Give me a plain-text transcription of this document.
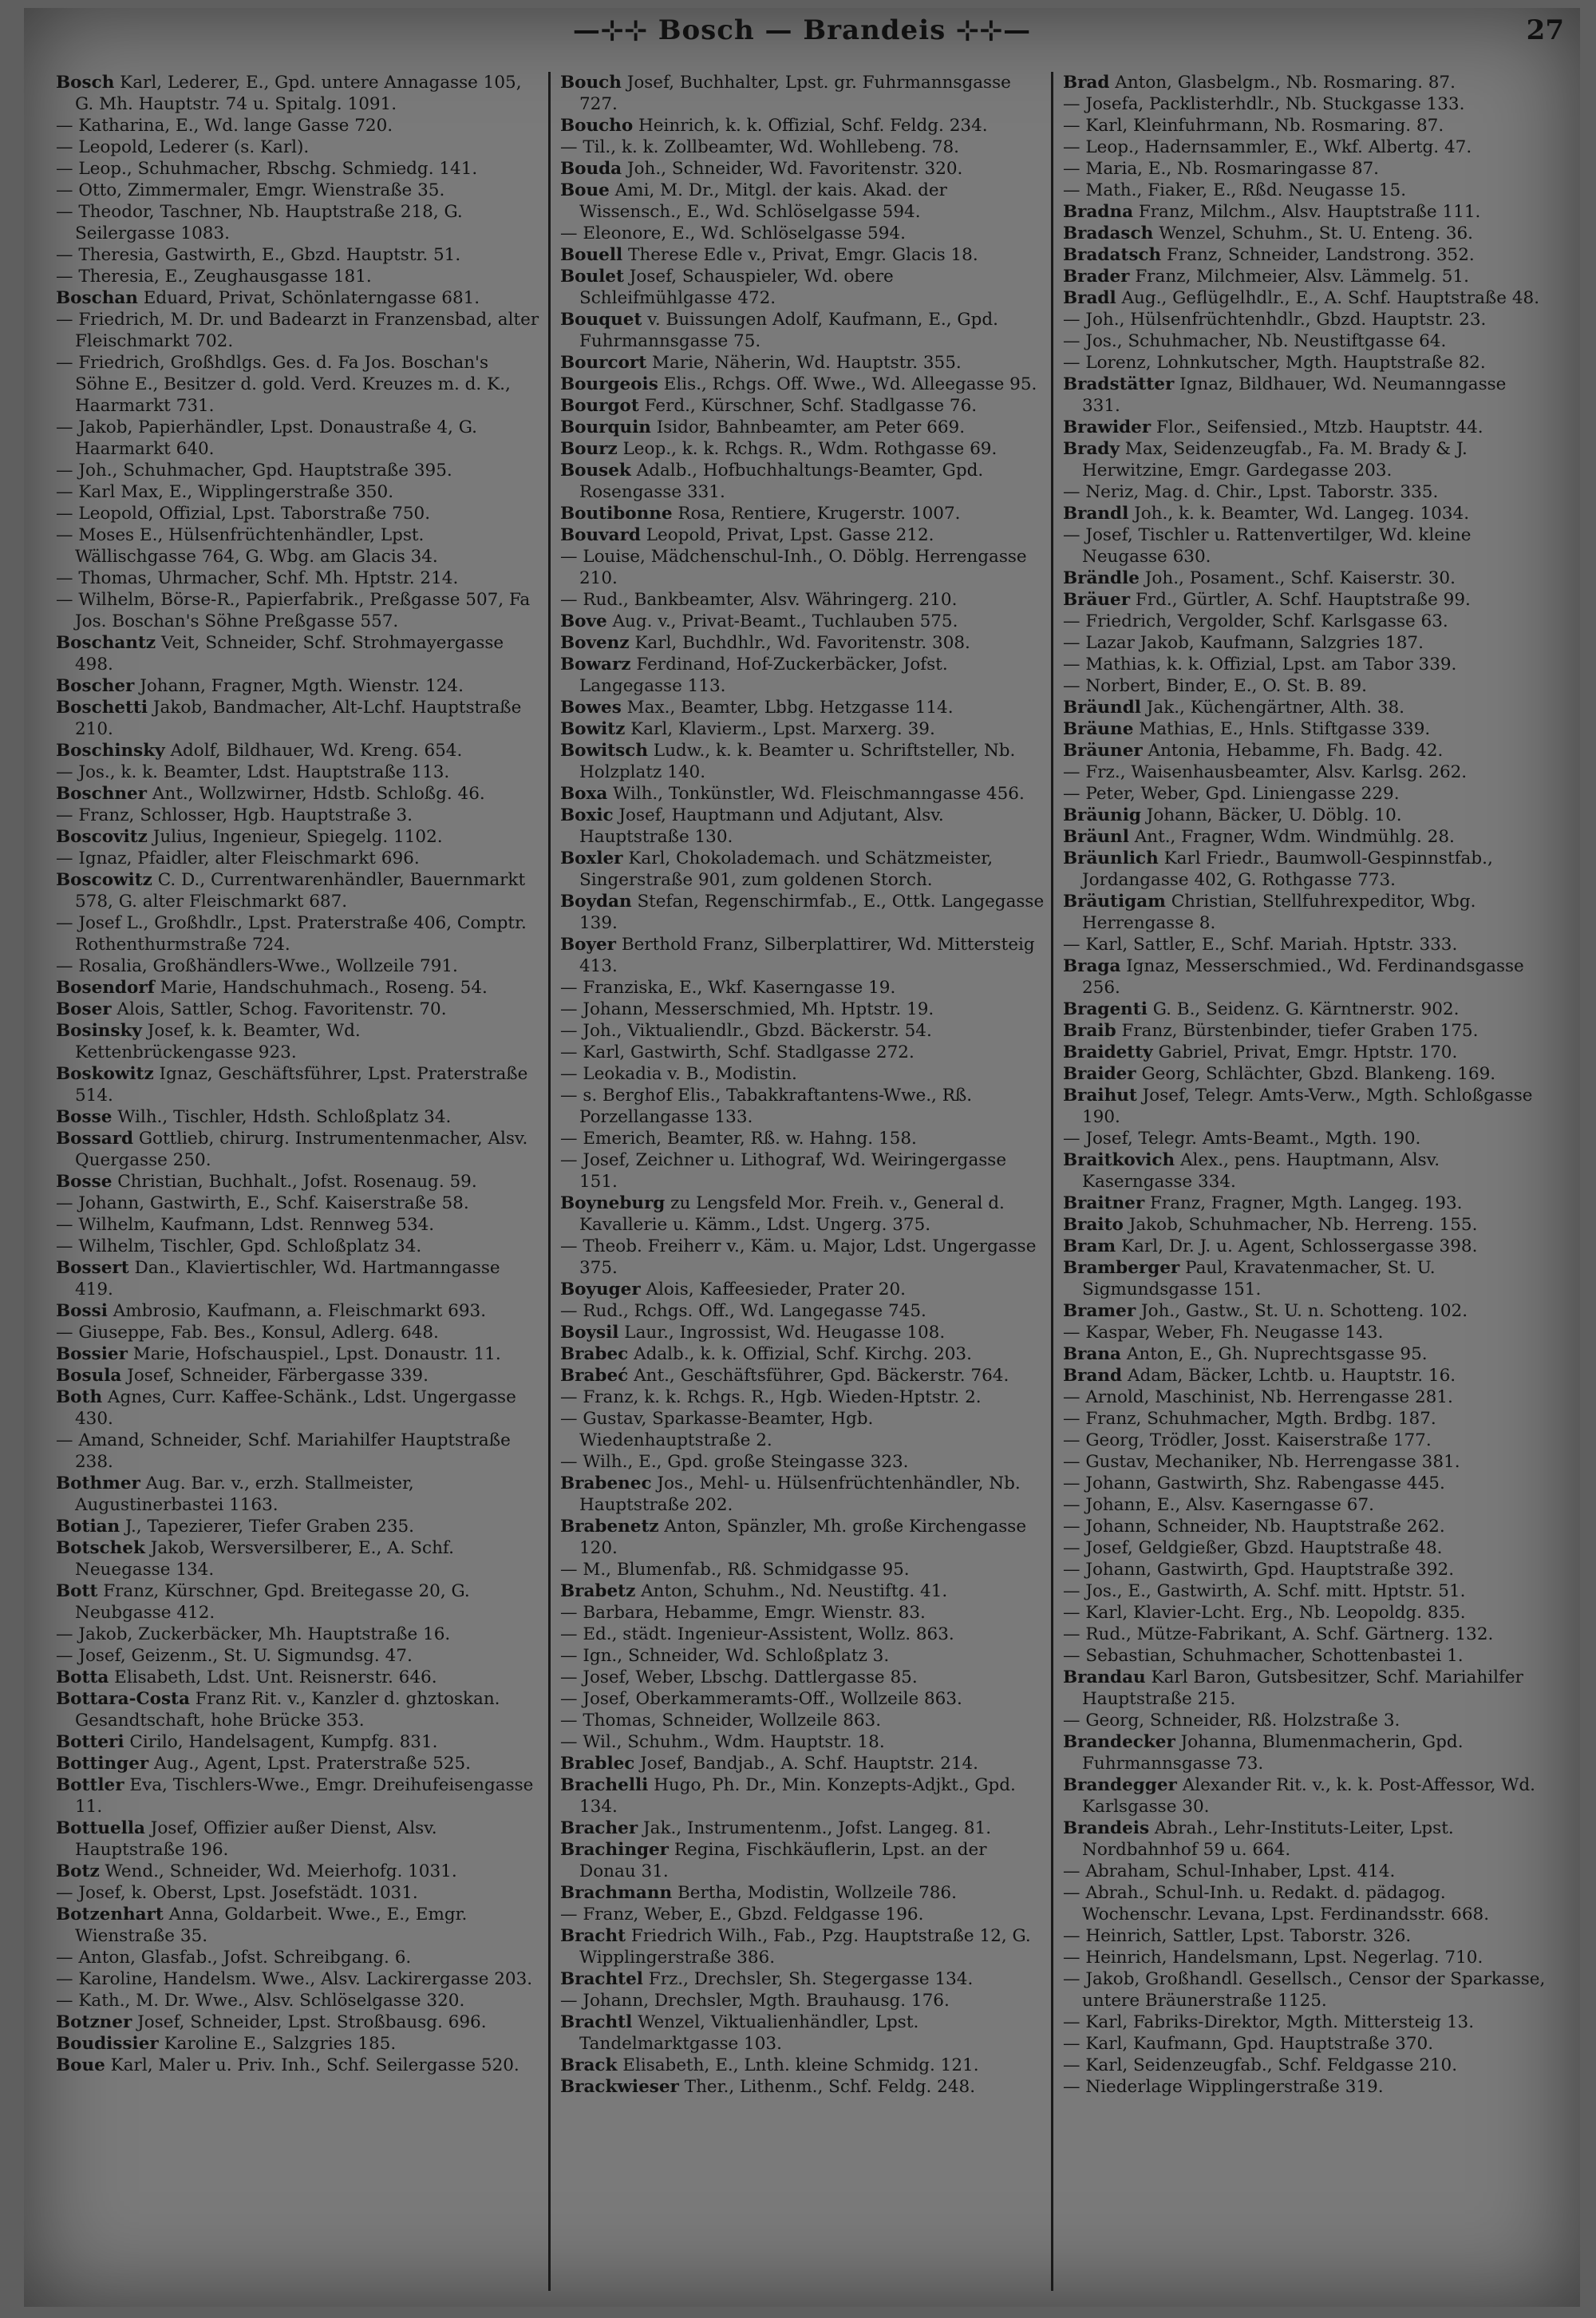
—⊹⊹ Bosch — Brandeis ⊹⊹—	27

Bosch Karl, Lederer, E., Gpd. untere Annagasse 105, G. Mh. Hauptstr. 74 u. Spitalg. 1091.

— Katharina, E., Wd. lange Gasse 720.

— Leopold, Lederer (s. Karl).

— Leop., Schuhmacher, Rbschg. Schmiedg. 141.

— Otto, Zimmermaler, Emgr. Wienstraße 35.

— Theodor, Taschner, Nb. Hauptstraße 218, G. Seilergasse 1083.

— Theresia, Gastwirth, E., Gbzd. Hauptstr. 51.

— Theresia, E., Zeughausgasse 181.

Boschan Eduard, Privat, Schönlaterngasse 681.

— Friedrich, M. Dr. und Badearzt in Franzensbad, alter Fleischmarkt 702.

— Friedrich, Großhdlgs. Ges. d. Fa Jos. Boschan's Söhne E., Besitzer d. gold. Verd. Kreuzes m. d. K., Haarmarkt 731.

— Jakob, Papierhändler, Lpst. Donaustraße 4, G. Haarmarkt 640.

— Joh., Schuhmacher, Gpd. Hauptstraße 395.

— Karl Max, E., Wipplingerstraße 350.

— Leopold, Offizial, Lpst. Taborstraße 750.

— Moses E., Hülsenfrüchtenhändler, Lpst. Wällischgasse 764, G. Wbg. am Glacis 34.

— Thomas, Uhrmacher, Schf. Mh. Hptstr. 214.

— Wilhelm, Börse-R., Papierfabrik., Preßgasse 507, Fa Jos. Boschan's Söhne Preßgasse 557.

Boschantz Veit, Schneider, Schf. Strohmayergasse 498.

Boscher Johann, Fragner, Mgth. Wienstr. 124.

Boschetti Jakob, Bandmacher, Alt-Lchf. Hauptstraße 210.

Boschinsky Adolf, Bildhauer, Wd. Kreng. 654.

— Jos., k. k. Beamter, Ldst. Hauptstraße 113.

Boschner Ant., Wollzwirner, Hdstb. Schloßg. 46.

— Franz, Schlosser, Hgb. Hauptstraße 3.

Boscovitz Julius, Ingenieur, Spiegelg. 1102.

— Ignaz, Pfaidler, alter Fleischmarkt 696.

Boscowitz C. D., Currentwarenhändler, Bauernmarkt 578, G. alter Fleischmarkt 687.

— Josef L., Großhdlr., Lpst. Praterstraße 406, Comptr. Rothenthurmstraße 724.

— Rosalia, Großhändlers-Wwe., Wollzeile 791.

Bosendorf Marie, Handschuhmach., Roseng. 54.

Boser Alois, Sattler, Schog. Favoritenstr. 70.

Bosinsky Josef, k. k. Beamter, Wd. Kettenbrückengasse 923.

Boskowitz Ignaz, Geschäftsführer, Lpst. Praterstraße 514.

Bosse Wilh., Tischler, Hdsth. Schloßplatz 34.

Bossard Gottlieb, chirurg. Instrumentenmacher, Alsv. Quergasse 250.

Bosse Christian, Buchhalt., Jofst. Rosenaug. 59.

— Johann, Gastwirth, E., Schf. Kaiserstraße 58.

— Wilhelm, Kaufmann, Ldst. Rennweg 534.

— Wilhelm, Tischler, Gpd. Schloßplatz 34.

Bossert Dan., Klaviertischler, Wd. Hartmanngasse 419.

Bossi Ambrosio, Kaufmann, a. Fleischmarkt 693.

— Giuseppe, Fab. Bes., Konsul, Adlerg. 648.

Bossier Marie, Hofschauspiel., Lpst. Donaustr. 11.

Bosula Josef, Schneider, Färbergasse 339.

Both Agnes, Curr. Kaffee-Schänk., Ldst. Ungergasse 430.

— Amand, Schneider, Schf. Mariahilfer Hauptstraße 238.

Bothmer Aug. Bar. v., erzh. Stallmeister, Augustinerbastei 1163.

Botian J., Tapezierer, Tiefer Graben 235.

Botschek Jakob, Wersversilberer, E., A. Schf. Neuegasse 134.

Bott Franz, Kürschner, Gpd. Breitegasse 20, G. Neubgasse 412.

— Jakob, Zuckerbäcker, Mh. Hauptstraße 16.

— Josef, Geizenm., St. U. Sigmundsg. 47.

Botta Elisabeth, Ldst. Unt. Reisnerstr. 646.

Bottara-Costa Franz Rit. v., Kanzler d. ghztoskan. Gesandtschaft, hohe Brücke 353.

Botteri Cirilo, Handelsagent, Kumpfg. 831.

Bottinger Aug., Agent, Lpst. Praterstraße 525.

Bottler Eva, Tischlers-Wwe., Emgr. Dreihufeisengasse 11.

Bottuella Josef, Offizier außer Dienst, Alsv. Hauptstraße 196.

Botz Wend., Schneider, Wd. Meierhofg. 1031.

— Josef, k. Oberst, Lpst. Josefstädt. 1031.

Botzenhart Anna, Goldarbeit. Wwe., E., Emgr. Wienstraße 35.

— Anton, Glasfab., Jofst. Schreibgang. 6.

— Karoline, Handelsm. Wwe., Alsv. Lackirergasse 203.

— Kath., M. Dr. Wwe., Alsv. Schlöselgasse 320.

Botzner Josef, Schneider, Lpst. Stroßbausg. 696.

Boudissier Karoline E., Salzgries 185.

Boue Karl, Maler u. Priv. Inh., Schf. Seilergasse 520.

Bouch Josef, Buchhalter, Lpst. gr. Fuhrmannsgasse 727.

Boucho Heinrich, k. k. Offizial, Schf. Feldg. 234.

— Til., k. k. Zollbeamter, Wd. Wohllebeng. 78.

Bouda Joh., Schneider, Wd. Favoritenstr. 320.

Boue Ami, M. Dr., Mitgl. der kais. Akad. der Wissensch., E., Wd. Schlöselgasse 594.

— Eleonore, E., Wd. Schlöselgasse 594.

Bouell Therese Edle v., Privat, Emgr. Glacis 18.

Boulet Josef, Schauspieler, Wd. obere Schleifmühlgasse 472.

Bouquet v. Buissungen Adolf, Kaufmann, E., Gpd. Fuhrmannsgasse 75.

Bourcort Marie, Näherin, Wd. Hauptstr. 355.

Bourgeois Elis., Rchgs. Off. Wwe., Wd. Alleegasse 95.

Bourgot Ferd., Kürschner, Schf. Stadlgasse 76.

Bourquin Isidor, Bahnbeamter, am Peter 669.

Bourz Leop., k. k. Rchgs. R., Wdm. Rothgasse 69.

Bousek Adalb., Hofbuchhaltungs-Beamter, Gpd. Rosengasse 331.

Boutibonne Rosa, Rentiere, Krugerstr. 1007.

Bouvard Leopold, Privat, Lpst. Gasse 212.

— Louise, Mädchenschul-Inh., O. Döblg. Herrengasse 210.

— Rud., Bankbeamter, Alsv. Währingerg. 210.

Bove Aug. v., Privat-Beamt., Tuchlauben 575.

Bovenz Karl, Buchdhlr., Wd. Favoritenstr. 308.

Bowarz Ferdinand, Hof-Zuckerbäcker, Jofst. Langegasse 113.

Bowes Max., Beamter, Lbbg. Hetzgasse 114.

Bowitz Karl, Klavierm., Lpst. Marxerg. 39.

Bowitsch Ludw., k. k. Beamter u. Schriftsteller, Nb. Holzplatz 140.

Boxa Wilh., Tonkünstler, Wd. Fleischmanngasse 456.

Boxic Josef, Hauptmann und Adjutant, Alsv. Hauptstraße 130.

Boxler Karl, Chokolademach. und Schätzmeister, Singerstraße 901, zum goldenen Storch.

Boydan Stefan, Regenschirmfab., E., Ottk. Langegasse 139.

Boyer Berthold Franz, Silberplattirer, Wd. Mittersteig 413.

— Franziska, E., Wkf. Kaserngasse 19.

— Johann, Messerschmied, Mh. Hptstr. 19.

— Joh., Viktualiendlr., Gbzd. Bäckerstr. 54.

— Karl, Gastwirth, Schf. Stadlgasse 272.

— Leokadia v. B., Modistin.

— s. Berghof Elis., Tabakkraftantens-Wwe., Rß. Porzellangasse 133.

— Emerich, Beamter, Rß. w. Hahng. 158.

— Josef, Zeichner u. Lithograf, Wd. Weiringergasse 151.

Boyneburg zu Lengsfeld Mor. Freih. v., General d. Kavallerie u. Kämm., Ldst. Ungerg. 375.

— Theob. Freiherr v., Käm. u. Major, Ldst. Ungergasse 375.

Boyuger Alois, Kaffeesieder, Prater 20.

— Rud., Rchgs. Off., Wd. Langegasse 745.

Boysil Laur., Ingrossist, Wd. Heugasse 108.

Brabec Adalb., k. k. Offizial, Schf. Kirchg. 203.

Brabeć Ant., Geschäftsführer, Gpd. Bäckerstr. 764.

— Franz, k. k. Rchgs. R., Hgb. Wieden-Hptstr. 2.

— Gustav, Sparkasse-Beamter, Hgb. Wiedenhauptstraße 2.

— Wilh., E., Gpd. große Steingasse 323.

Brabenec Jos., Mehl- u. Hülsenfrüchtenhändler, Nb. Hauptstraße 202.

Brabenetz Anton, Spänzler, Mh. große Kirchengasse 120.

— M., Blumenfab., Rß. Schmidgasse 95.

Brabetz Anton, Schuhm., Nd. Neustiftg. 41.

— Barbara, Hebamme, Emgr. Wienstr. 83.

— Ed., städt. Ingenieur-Assistent, Wollz. 863.

— Ign., Schneider, Wd. Schloßplatz 3.

— Josef, Weber, Lbschg. Dattlergasse 85.

— Josef, Oberkammeramts-Off., Wollzeile 863.

— Thomas, Schneider, Wollzeile 863.

— Wil., Schuhm., Wdm. Hauptstr. 18.

Brablec Josef, Bandjab., A. Schf. Hauptstr. 214.

Brachelli Hugo, Ph. Dr., Min. Konzepts-Adjkt., Gpd. 134.

Bracher Jak., Instrumentenm., Jofst. Langeg. 81.

Brachinger Regina, Fischkäuflerin, Lpst. an der Donau 31.

Brachmann Bertha, Modistin, Wollzeile 786.

— Franz, Weber, E., Gbzd. Feldgasse 196.

Bracht Friedrich Wilh., Fab., Pzg. Hauptstraße 12, G. Wipplingerstraße 386.

Brachtel Frz., Drechsler, Sh. Stegergasse 134.

— Johann, Drechsler, Mgth. Brauhausg. 176.

Brachtl Wenzel, Viktualienhändler, Lpst. Tandelmarktgasse 103.

Brack Elisabeth, E., Lnth. kleine Schmidg. 121.

Brackwieser Ther., Lithenm., Schf. Feldg. 248.

Brad Anton, Glasbelgm., Nb. Rosmaring. 87.

— Josefa, Packlisterhdlr., Nb. Stuckgasse 133.

— Karl, Kleinfuhrmann, Nb. Rosmaring. 87.

— Leop., Hadernsammler, E., Wkf. Albertg. 47.

— Maria, E., Nb. Rosmaringasse 87.

— Math., Fiaker, E., Rßd. Neugasse 15.

Bradna Franz, Milchm., Alsv. Hauptstraße 111.

Bradasch Wenzel, Schuhm., St. U. Enteng. 36.

Bradatsch Franz, Schneider, Landstrong. 352.

Brader Franz, Milchmeier, Alsv. Lämmelg. 51.

Bradl Aug., Geflügelhdlr., E., A. Schf. Hauptstraße 48.

— Joh., Hülsenfrüchtenhdlr., Gbzd. Hauptstr. 23.

— Jos., Schuhmacher, Nb. Neustiftgasse 64.

— Lorenz, Lohnkutscher, Mgth. Hauptstraße 82.

Bradstätter Ignaz, Bildhauer, Wd. Neumanngasse 331.

Brawider Flor., Seifensied., Mtzb. Hauptstr. 44.

Brady Max, Seidenzeugfab., Fa. M. Brady & J. Herwitzine, Emgr. Gardegasse 203.

— Neriz, Mag. d. Chir., Lpst. Taborstr. 335.

Brandl Joh., k. k. Beamter, Wd. Langeg. 1034.

— Josef, Tischler u. Rattenvertilger, Wd. kleine Neugasse 630.

Brändle Joh., Posament., Schf. Kaiserstr. 30.

Bräuer Frd., Gürtler, A. Schf. Hauptstraße 99.

— Friedrich, Vergolder, Schf. Karlsgasse 63.

— Lazar Jakob, Kaufmann, Salzgries 187.

— Mathias, k. k. Offizial, Lpst. am Tabor 339.

— Norbert, Binder, E., O. St. B. 89.

Bräundl Jak., Küchengärtner, Alth. 38.

Bräune Mathias, E., Hnls. Stiftgasse 339.

Bräuner Antonia, Hebamme, Fh. Badg. 42.

— Frz., Waisenhausbeamter, Alsv. Karlsg. 262.

— Peter, Weber, Gpd. Liniengasse 229.

Bräunig Johann, Bäcker, U. Döblg. 10.

Bräunl Ant., Fragner, Wdm. Windmühlg. 28.

Bräunlich Karl Friedr., Baumwoll-Gespinnstfab., Jordangasse 402, G. Rothgasse 773.

Bräutigam Christian, Stellfuhrexpeditor, Wbg. Herrengasse 8.

— Karl, Sattler, E., Schf. Mariah. Hptstr. 333.

Braga Ignaz, Messerschmied., Wd. Ferdinandsgasse 256.

Bragenti G. B., Seidenz. G. Kärntnerstr. 902.

Braib Franz, Bürstenbinder, tiefer Graben 175.

Braidetty Gabriel, Privat, Emgr. Hptstr. 170.

Braider Georg, Schlächter, Gbzd. Blankeng. 169.

Braihut Josef, Telegr. Amts-Verw., Mgth. Schloßgasse 190.

— Josef, Telegr. Amts-Beamt., Mgth. 190.

Braitkovich Alex., pens. Hauptmann, Alsv. Kaserngasse 334.

Braitner Franz, Fragner, Mgth. Langeg. 193.

Braito Jakob, Schuhmacher, Nb. Herreng. 155.

Bram Karl, Dr. J. u. Agent, Schlossergasse 398.

Bramberger Paul, Kravatenmacher, St. U. Sigmundsgasse 151.

Bramer Joh., Gastw., St. U. n. Schotteng. 102.

— Kaspar, Weber, Fh. Neugasse 143.

Brana Anton, E., Gh. Nuprechtsgasse 95.

Brand Adam, Bäcker, Lchtb. u. Hauptstr. 16.

— Arnold, Maschinist, Nb. Herrengasse 281.

— Franz, Schuhmacher, Mgth. Brdbg. 187.

— Georg, Trödler, Josst. Kaiserstraße 177.

— Gustav, Mechaniker, Nb. Herrengasse 381.

— Johann, Gastwirth, Shz. Rabengasse 445.

— Johann, E., Alsv. Kaserngasse 67.

— Johann, Schneider, Nb. Hauptstraße 262.

— Josef, Geldgießer, Gbzd. Hauptstraße 48.

— Johann, Gastwirth, Gpd. Hauptstraße 392.

— Jos., E., Gastwirth, A. Schf. mitt. Hptstr. 51.

— Karl, Klavier-Lcht. Erg., Nb. Leopoldg. 835.

— Rud., Mütze-Fabrikant, A. Schf. Gärtnerg. 132.

— Sebastian, Schuhmacher, Schottenbastei 1.

Brandau Karl Baron, Gutsbesitzer, Schf. Mariahilfer Hauptstraße 215.

— Georg, Schneider, Rß. Holzstraße 3.

Brandecker Johanna, Blumenmacherin, Gpd. Fuhrmannsgasse 73.

Brandegger Alexander Rit. v., k. k. Post-Affessor, Wd. Karlsgasse 30.

Brandeis Abrah., Lehr-Instituts-Leiter, Lpst. Nordbahnhof 59 u. 664.

— Abraham, Schul-Inhaber, Lpst. 414.

— Abrah., Schul-Inh. u. Redakt. d. pädagog. Wochenschr. Levana, Lpst. Ferdinandsstr. 668.

— Heinrich, Sattler, Lpst. Taborstr. 326.

— Heinrich, Handelsmann, Lpst. Negerlag. 710.

— Jakob, Großhandl. Gesellsch., Censor der Sparkasse, untere Bräunerstraße 1125.

— Karl, Fabriks-Direktor, Mgth. Mittersteig 13.

— Karl, Kaufmann, Gpd. Hauptstraße 370.

— Karl, Seidenzeugfab., Schf. Feldgasse 210.

— Niederlage Wipplingerstraße 319.
